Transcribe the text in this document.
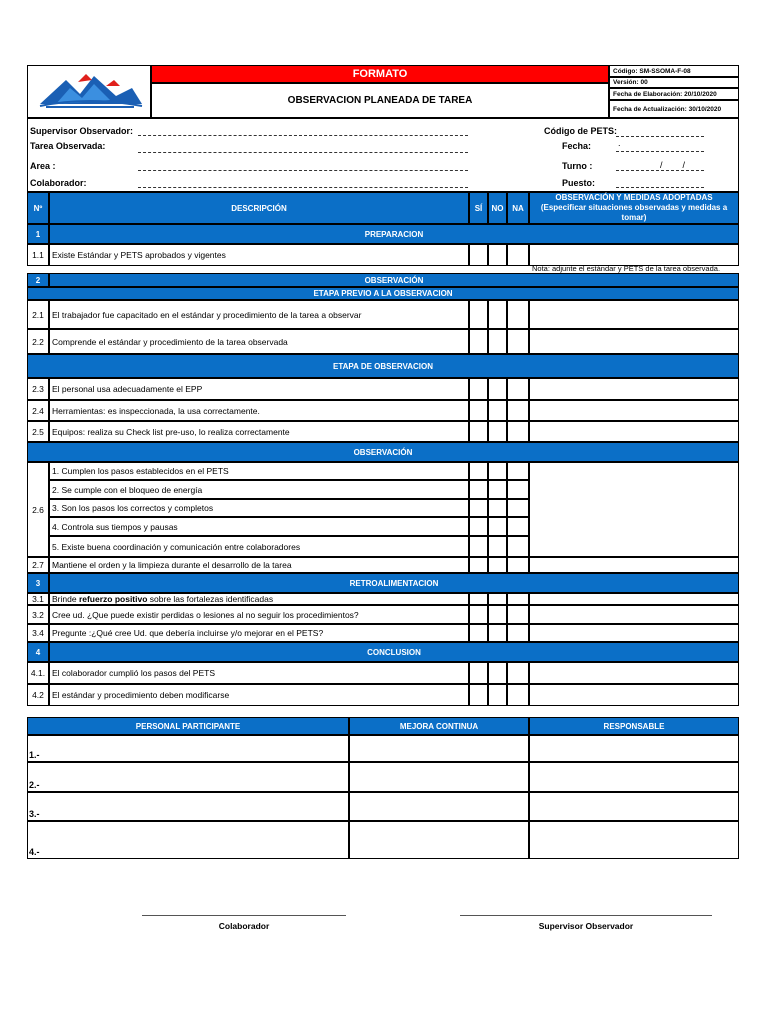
FORMATO
OBSERVACION PLANEADA DE TAREA
Código: SM-SSOMA-F-08
Versión: 00
Fecha de Elaboración: 20/10/2020
Fecha de Actualización: 30/10/2020
Supervisor Observador:
Tarea Observada:
Area :
Colaborador:
Código de PETS:
Fecha:	.
Turno :	/        /
Puesto:
Nº	DESCRIPCIÓN	SÍ	NO	NA
OBSERVACIÓN Y MEDIDAS ADOPTADAS (Especificar situaciones observadas y medidas a tomar)
1	PREPARACION
1.1 Existe Estándar y PETS aprobados y vigentes
Nota: adjunte el estándar y PETS de la tarea observada.
2	OBSERVACIÓN
ETAPA PREVIO A LA OBSERVACION
2.1 El trabajador fue capacitado en el estándar y procedimiento de la tarea a observar
2.2 Comprende el estándar y procedimiento de la tarea observada
ETAPA DE OBSERVACION
2.3 El personal usa adecuadamente el EPP
2.4 Herramientas: es inspeccionada, la usa correctamente.
2.5 Equipos: realiza su Check list pre-uso, lo realiza correctamente
OBSERVACIÓN
2.6
1. Cumplen los pasos establecidos en el PETS
2. Se cumple con el bloqueo de energía
3. Son los pasos los correctos y completos
4. Controla sus tiempos y pausas
5. Existe buena coordinación y comunicación entre colaboradores
2.7 Mantiene el orden y la limpieza durante el desarrollo de la tarea
3	RETROALIMENTACION
3.1 Brinde refuerzo positivo sobre las fortalezas identificadas
3.2 Cree ud. ¿Que puede existir perdidas o lesiones al no seguir los procedimientos?
3.4 Pregunte :¿Qué cree Ud. que debería incluirse y/o mejorar en el PETS?
4	CONCLUSION
4.1. El colaborador cumplió los pasos del PETS
4.2 El estándar y procedimiento deben modificarse
PERSONAL PARTICIPANTE	MEJORA CONTINUA	RESPONSABLE
1.-
2.-
3.-
4.-
Colaborador	Supervisor Observador
